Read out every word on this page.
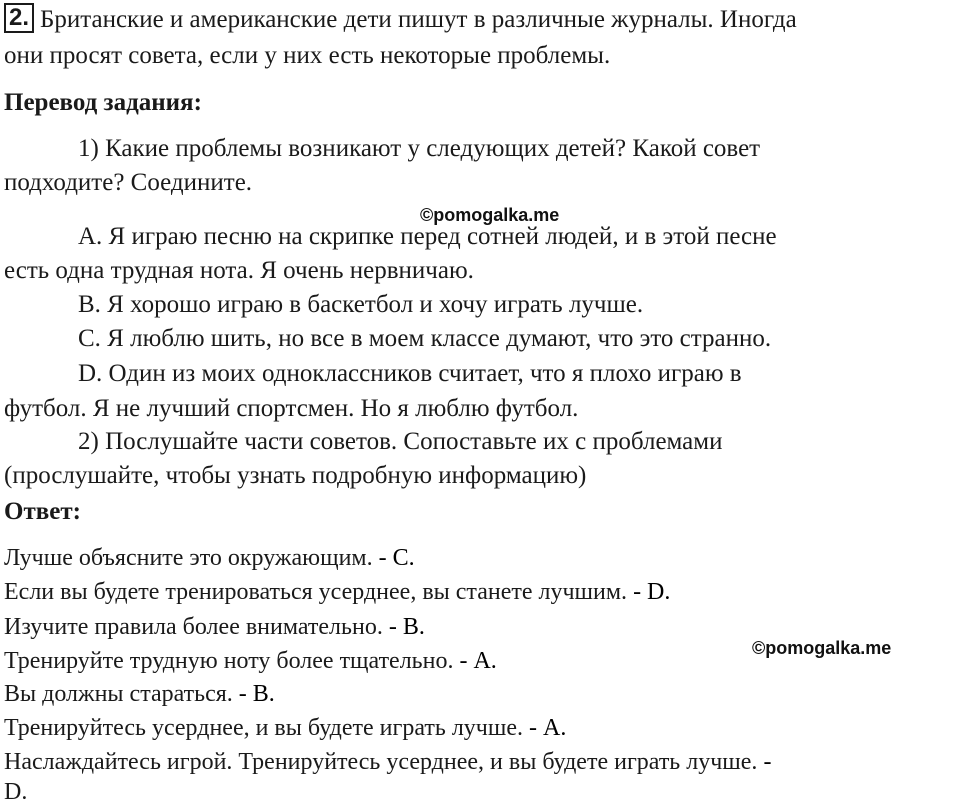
2. Британские и американские дети пишут в различные журналы. Иногда
они просят совета, если у них есть некоторые проблемы.
Перевод задания:
1) Какие проблемы возникают у следующих детей? Какой совет
подходите? Соедините.
©pomogalka.me
A. Я играю песню на скрипке перед сотней людей, и в этой песне
есть одна трудная нота. Я очень нервничаю.
B. Я хорошо играю в баскетбол и хочу играть лучше.
C. Я люблю шить, но все в моем классе думают, что это странно.
D. Один из моих одноклассников считает, что я плохо играю в
футбол. Я не лучший спортсмен. Но я люблю футбол.
2) Послушайте части советов. Сопоставьте их с проблемами
(прослушайте, чтобы узнать подробную информацию)
Ответ:
Лучше объясните это окружающим. - C.
Если вы будете тренироваться усерднее, вы станете лучшим. - D.
Изучите правила более внимательно. - B.
Тренируйте трудную ноту более тщательно. - A.	©pomogalka.me
Вы должны стараться. - B.
Тренируйтесь усерднее, и вы будете играть лучше. - A.
Наслаждайтесь игрой. Тренируйтесь усерднее, и вы будете играть лучше. -
D.
